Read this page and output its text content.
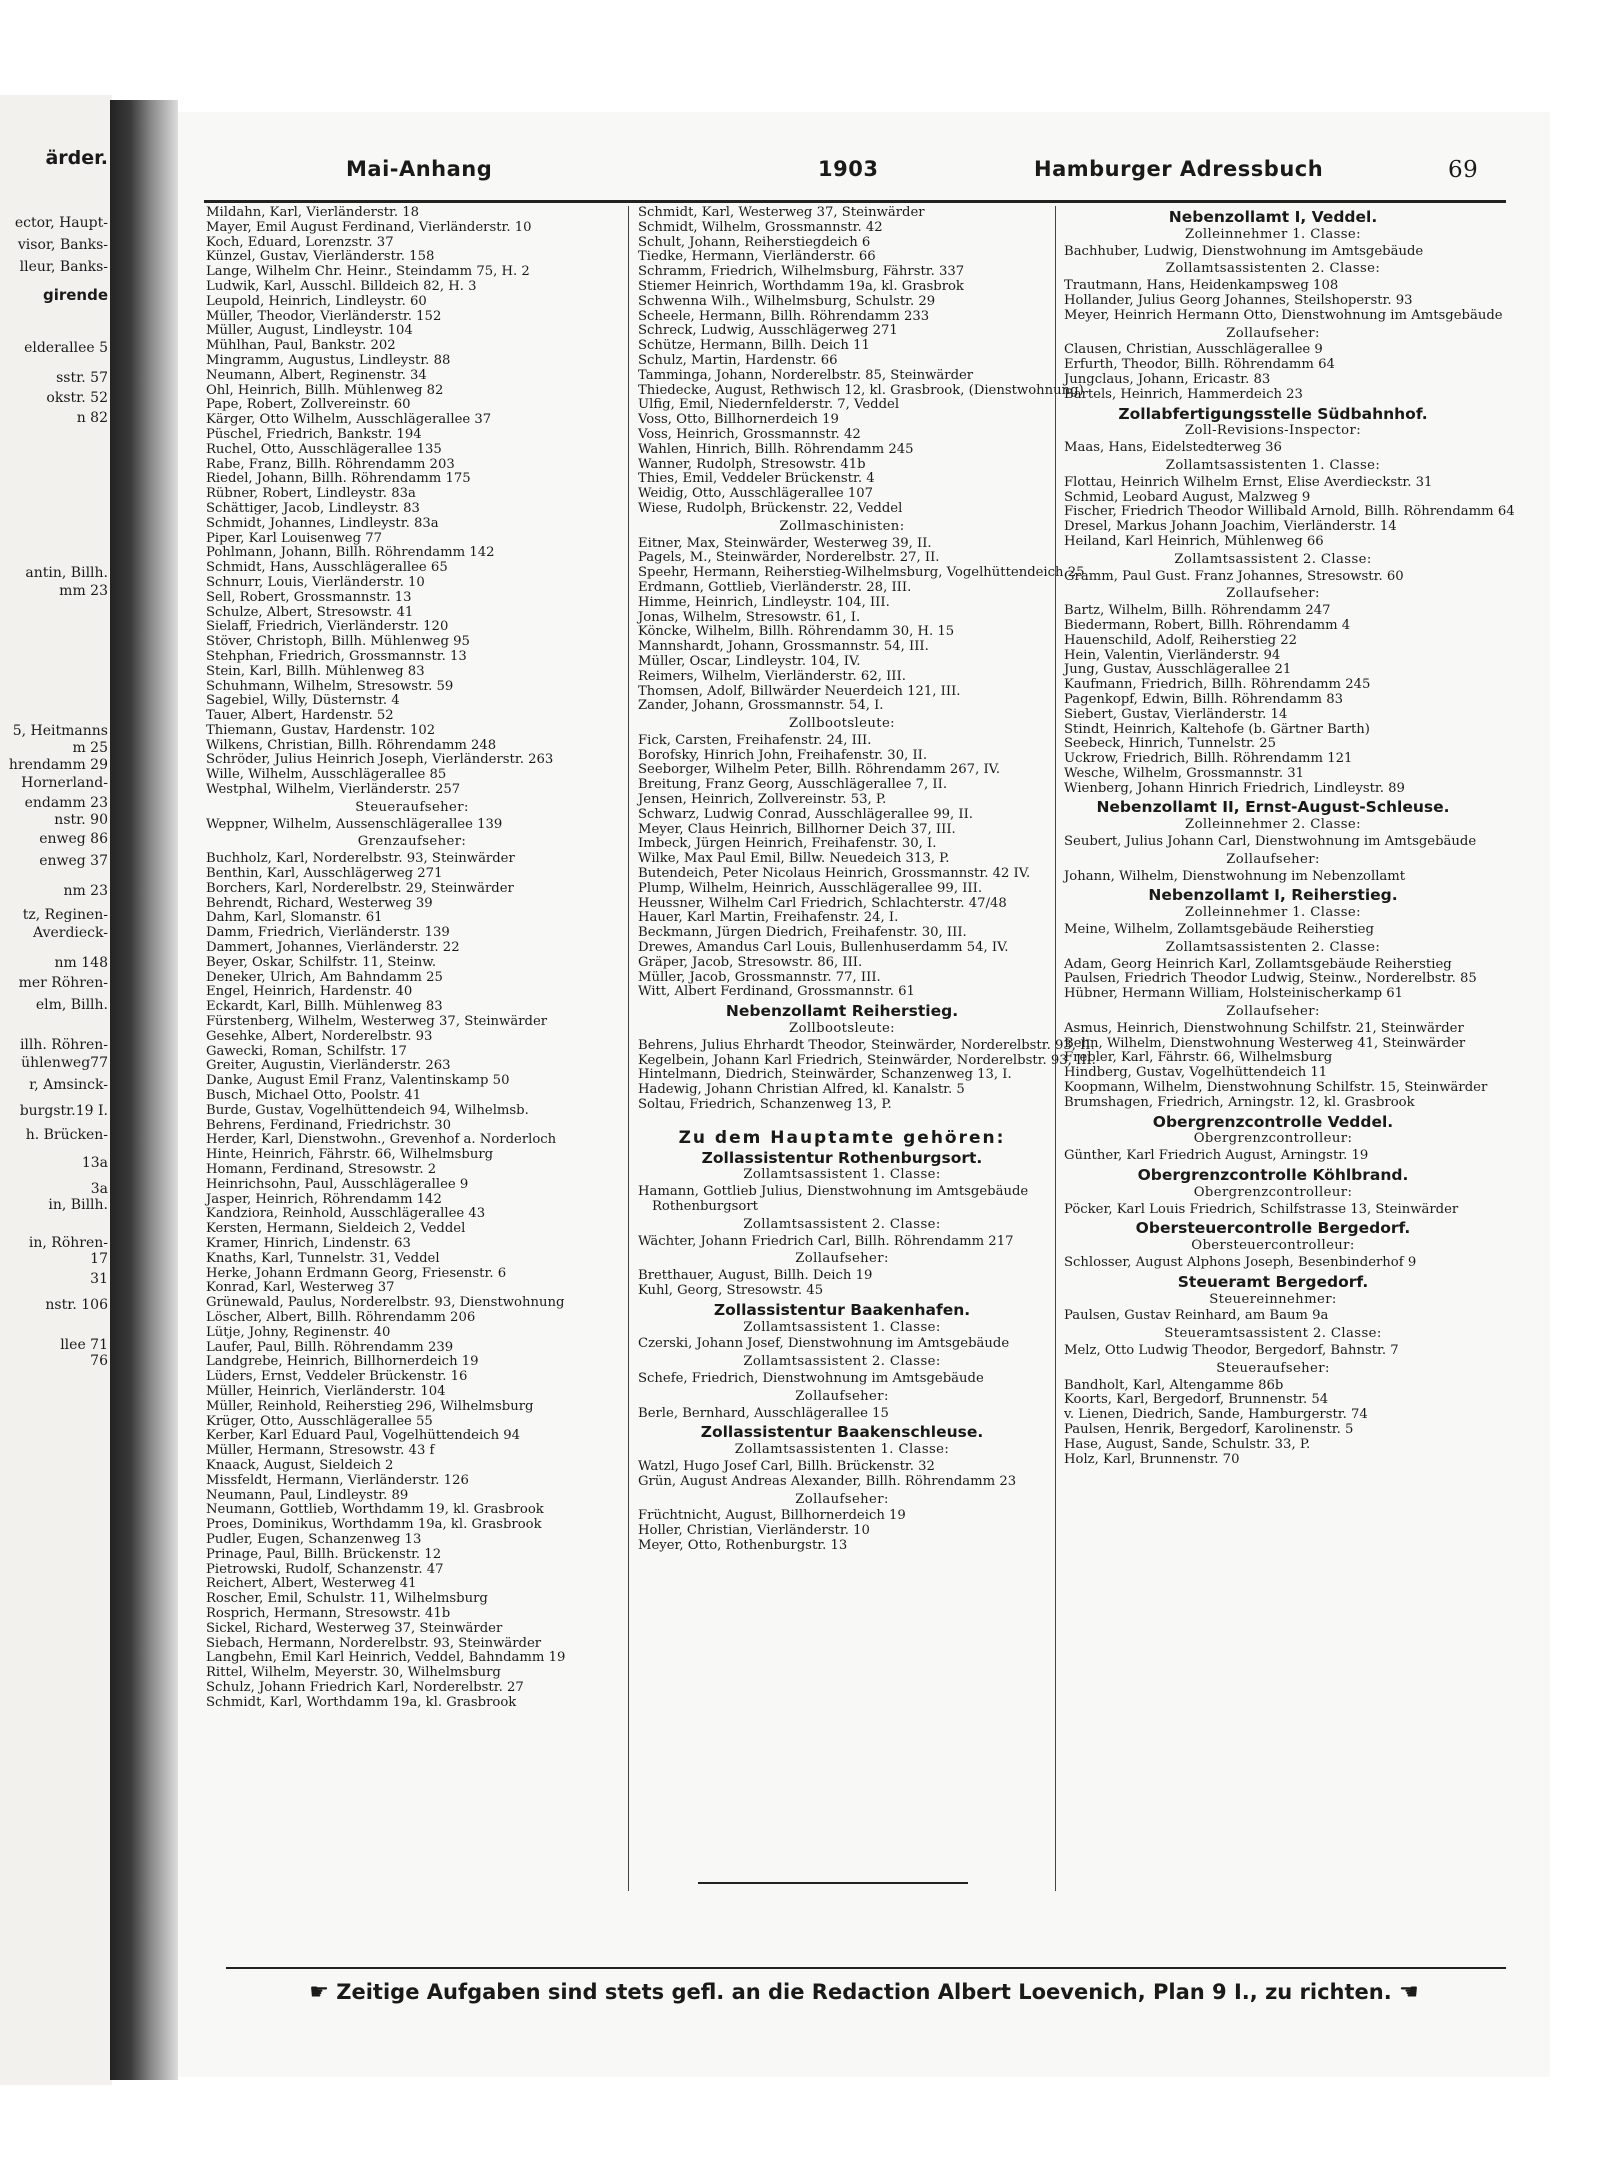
ärder.
girende
ector, Haupt-
visor, Banks-
lleur, Banks-
elderallee 5
sstr. 57
okstr. 52
n 82
antin, Billh.
mm 23
5, Heitmanns
m 25
hrendamm 29
Hornerland-
endamm 23
nstr. 90
enweg 86
enweg 37
nm 23
tz, Reginen-
Averdieck-
nm 148
mer Röhren-
elm, Billh.
illh. Röhren-
ühlenweg77
r, Amsinck-
burgstr.19 I.
h. Brücken-
13a
3a
in, Billh.
in, Röhren-
17
31
nstr. 106
llee 71
76
Mai-Anhang	1903	Hamburger Adressbuch	69

Mildahn, Karl, Vierländerstr. 18

Mayer, Emil August Ferdinand, Vierländerstr. 10

Koch, Eduard, Lorenzstr. 37

Künzel, Gustav, Vierländerstr. 158

Lange, Wilhelm Chr. Heinr., Steindamm 75, H. 2

Ludwik, Karl, Ausschl. Billdeich 82, H. 3

Leupold, Heinrich, Lindleystr. 60

Müller, Theodor, Vierländerstr. 152

Müller, August, Lindleystr. 104

Mühlhan, Paul, Bankstr. 202

Mingramm, Augustus, Lindleystr. 88

Neumann, Albert, Reginenstr. 34

Ohl, Heinrich, Billh. Mühlenweg 82

Pape, Robert, Zollvereinstr. 60

Kärger, Otto Wilhelm, Ausschlägerallee 37

Püschel, Friedrich, Bankstr. 194

Ruchel, Otto, Ausschlägerallee 135

Rabe, Franz, Billh. Röhrendamm 203

Riedel, Johann, Billh. Röhrendamm 175

Rübner, Robert, Lindleystr. 83a

Schättiger, Jacob, Lindleystr. 83

Schmidt, Johannes, Lindleystr. 83a

Piper, Karl Louisenweg 77

Pohlmann, Johann, Billh. Röhrendamm 142

Schmidt, Hans, Ausschlägerallee 65

Schnurr, Louis, Vierländerstr. 10

Sell, Robert, Grossmannstr. 13

Schulze, Albert, Stresowstr. 41

Sielaff, Friedrich, Vierländerstr. 120

Stöver, Christoph, Billh. Mühlenweg 95

Stehphan, Friedrich, Grossmannstr. 13

Stein, Karl, Billh. Mühlenweg 83

Schuhmann, Wilhelm, Stresowstr. 59

Sagebiel, Willy, Düsternstr. 4

Tauer, Albert, Hardenstr. 52

Thiemann, Gustav, Hardenstr. 102

Wilkens, Christian, Billh. Röhrendamm 248

Schröder, Julius Heinrich Joseph, Vierländerstr. 263

Wille, Wilhelm, Ausschlägerallee 85

Westphal, Wilhelm, Vierländerstr. 257

Steueraufseher:

Weppner, Wilhelm, Aussenschlägerallee 139

Grenzaufseher:

Buchholz, Karl, Norderelbstr. 93, Steinwärder

Benthin, Karl, Ausschlägerweg 271

Borchers, Karl, Norderelbstr. 29, Steinwärder

Behrendt, Richard, Westerweg 39

Dahm, Karl, Slomanstr. 61

Damm, Friedrich, Vierländerstr. 139

Dammert, Johannes, Vierländerstr. 22

Beyer, Oskar, Schilfstr. 11, Steinw.

Deneker, Ulrich, Am Bahndamm 25

Engel, Heinrich, Hardenstr. 40

Eckardt, Karl, Billh. Mühlenweg 83

Fürstenberg, Wilhelm, Westerweg 37, Steinwärder

Gesehke, Albert, Norderelbstr. 93

Gawecki, Roman, Schilfstr. 17

Greiter, Augustin, Vierländerstr. 263

Danke, August Emil Franz, Valentinskamp 50

Busch, Michael Otto, Poolstr. 41

Burde, Gustav, Vogelhüttendeich 94, Wilhelmsb.

Behrens, Ferdinand, Friedrichstr. 30

Herder, Karl, Dienstwohn., Grevenhof a. Norderloch

Hinte, Heinrich, Fährstr. 66, Wilhelmsburg

Homann, Ferdinand, Stresowstr. 2

Heinrichsohn, Paul, Ausschlägerallee 9

Jasper, Heinrich, Röhrendamm 142

Kandziora, Reinhold, Ausschlägerallee 43

Kersten, Hermann, Sieldeich 2, Veddel

Kramer, Hinrich, Lindenstr. 63

Knaths, Karl, Tunnelstr. 31, Veddel

Herke, Johann Erdmann Georg, Friesenstr. 6

Konrad, Karl, Westerweg 37

Grünewald, Paulus, Norderelbstr. 93, Dienstwohnung

Löscher, Albert, Billh. Röhrendamm 206

Lütje, Johny, Reginenstr. 40

Laufer, Paul, Billh. Röhrendamm 239

Landgrebe, Heinrich, Billhornerdeich 19

Lüders, Ernst, Veddeler Brückenstr. 16

Müller, Heinrich, Vierländerstr. 104

Müller, Reinhold, Reiherstieg 296, Wilhelmsburg

Krüger, Otto, Ausschlägerallee 55

Kerber, Karl Eduard Paul, Vogelhüttendeich 94

Müller, Hermann, Stresowstr. 43 f

Knaack, August, Sieldeich 2

Missfeldt, Hermann, Vierländerstr. 126

Neumann, Paul, Lindleystr. 89

Neumann, Gottlieb, Worthdamm 19, kl. Grasbrook

Proes, Dominikus, Worthdamm 19a, kl. Grasbrook

Pudler, Eugen, Schanzenweg 13

Prinage, Paul, Billh. Brückenstr. 12

Pietrowski, Rudolf, Schanzenstr. 47

Reichert, Albert, Westerweg 41

Roscher, Emil, Schulstr. 11, Wilhelmsburg

Rosprich, Hermann, Stresowstr. 41b

Sickel, Richard, Westerweg 37, Steinwärder

Siebach, Hermann, Norderelbstr. 93, Steinwärder

Langbehn, Emil Karl Heinrich, Veddel, Bahndamm 19

Rittel, Wilhelm, Meyerstr. 30, Wilhelmsburg

Schulz, Johann Friedrich Karl, Norderelbstr. 27

Schmidt, Karl, Worthdamm 19a, kl. Grasbrook

Schmidt, Karl, Westerweg 37, Steinwärder

Schmidt, Wilhelm, Grossmannstr. 42

Schult, Johann, Reiherstiegdeich 6

Tiedke, Hermann, Vierländerstr. 66

Schramm, Friedrich, Wilhelmsburg, Fährstr. 337

Stiemer Heinrich, Worthdamm 19a, kl. Grasbrok

Schwenna Wilh., Wilhelmsburg, Schulstr. 29

Scheele, Hermann, Billh. Röhrendamm 233

Schreck, Ludwig, Ausschlägerweg 271

Schütze, Hermann, Billh. Deich 11

Schulz, Martin, Hardenstr. 66

Tamminga, Johann, Norderelbstr. 85, Steinwärder

Thiedecke, August, Rethwisch 12, kl. Grasbrook, (Dienstwohnung)

Ulfig, Emil, Niedernfelderstr. 7, Veddel

Voss, Otto, Billhornerdeich 19

Voss, Heinrich, Grossmannstr. 42

Wahlen, Hinrich, Billh. Röhrendamm 245

Wanner, Rudolph, Stresowstr. 41b

Thies, Emil, Veddeler Brückenstr. 4

Weidig, Otto, Ausschlägerallee 107

Wiese, Rudolph, Brückenstr. 22, Veddel

Zollmaschinisten:

Eitner, Max, Steinwärder, Westerweg 39, II.

Pagels, M., Steinwärder, Norderelbstr. 27, II.

Speehr, Hermann, Reiherstieg-Wilhelmsburg, Vogelhüttendeich 25

Erdmann, Gottlieb, Vierländerstr. 28, III.

Himme, Heinrich, Lindleystr. 104, III.

Jonas, Wilhelm, Stresowstr. 61, I.

Köncke, Wilhelm, Billh. Röhrendamm 30, H. 15

Mannshardt, Johann, Grossmannstr. 54, III.

Müller, Oscar, Lindleystr. 104, IV.

Reimers, Wilhelm, Vierländerstr. 62, III.

Thomsen, Adolf, Billwärder Neuerdeich 121, III.

Zander, Johann, Grossmannstr. 54, I.

Zollbootsleute:

Fick, Carsten, Freihafenstr. 24, III.

Borofsky, Hinrich John, Freihafenstr. 30, II.

Seeborger, Wilhelm Peter, Billh. Röhrendamm 267, IV.

Breitung, Franz Georg, Ausschlägerallee 7, II.

Jensen, Heinrich, Zollvereinstr. 53, P.

Schwarz, Ludwig Conrad, Ausschlägerallee 99, II.

Meyer, Claus Heinrich, Billhorner Deich 37, III.

Imbeck, Jürgen Heinrich, Freihafenstr. 30, I.

Wilke, Max Paul Emil, Billw. Neuedeich 313, P.

Butendeich, Peter Nicolaus Heinrich, Grossmannstr. 42 IV.

Plump, Wilhelm, Heinrich, Ausschlägerallee 99, III.

Heussner, Wilhelm Carl Friedrich, Schlachterstr. 47/48

Hauer, Karl Martin, Freihafenstr. 24, I.

Beckmann, Jürgen Diedrich, Freihafenstr. 30, III.

Drewes, Amandus Carl Louis, Bullenhuserdamm 54, IV.

Gräper, Jacob, Stresowstr. 86, III.

Müller, Jacob, Grossmannstr. 77, III.

Witt, Albert Ferdinand, Grossmannstr. 61

Nebenzollamt Reiherstieg.
Zollbootsleute:

Behrens, Julius Ehrhardt Theodor, Steinwärder, Norderelbstr. 93, II.

Kegelbein, Johann Karl Friedrich, Steinwärder, Norderelbstr. 93, III.

Hintelmann, Diedrich, Steinwärder, Schanzenweg 13, I.

Hadewig, Johann Christian Alfred, kl. Kanalstr. 5

Soltau, Friedrich, Schanzenweg 13, P.

Zu dem Hauptamte gehören:
Zollassistentur Rothenburgsort.
Zollamtsassistent 1. Classe:

Hamann, Gottlieb Julius, Dienstwohnung im Amtsgebäude Rothenburgsort

Zollamtsassistent 2. Classe:

Wächter, Johann Friedrich Carl, Billh. Röhrendamm 217

Zollaufseher:

Bretthauer, August, Billh. Deich 19

Kuhl, Georg, Stresowstr. 45

Zollassistentur Baakenhafen.
Zollamtsassistent 1. Classe:

Czerski, Johann Josef, Dienstwohnung im Amtsgebäude

Zollamtsassistent 2. Classe:

Schefe, Friedrich, Dienstwohnung im Amtsgebäude

Zollaufseher:

Berle, Bernhard, Ausschlägerallee 15

Zollassistentur Baakenschleuse.
Zollamtsassistenten 1. Classe:

Watzl, Hugo Josef Carl, Billh. Brückenstr. 32

Grün, August Andreas Alexander, Billh. Röhrendamm 23

Zollaufseher:

Früchtnicht, August, Billhornerdeich 19

Holler, Christian, Vierländerstr. 10

Meyer, Otto, Rothenburgstr. 13

Nebenzollamt I, Veddel.
Zolleinnehmer 1. Classe:

Bachhuber, Ludwig, Dienstwohnung im Amtsgebäude

Zollamtsassistenten 2. Classe:

Trautmann, Hans, Heidenkampsweg 108

Hollander, Julius Georg Johannes, Steilshoperstr. 93

Meyer, Heinrich Hermann Otto, Dienstwohnung im Amtsgebäude

Zollaufseher:

Clausen, Christian, Ausschlägerallee 9

Erfurth, Theodor, Billh. Röhrendamm 64

Jungclaus, Johann, Ericastr. 83

Bartels, Heinrich, Hammerdeich 23

Zollabfertigungsstelle Südbahnhof.
Zoll-Revisions-Inspector:

Maas, Hans, Eidelstedterweg 36

Zollamtsassistenten 1. Classe:

Flottau, Heinrich Wilhelm Ernst, Elise Averdieckstr. 31

Schmid, Leobard August, Malzweg 9

Fischer, Friedrich Theodor Willibald Arnold, Billh. Röhrendamm 64

Dresel, Markus Johann Joachim, Vierländerstr. 14

Heiland, Karl Heinrich, Mühlenweg 66

Zollamtsassistent 2. Classe:

Gramm, Paul Gust. Franz Johannes, Stresowstr. 60

Zollaufseher:

Bartz, Wilhelm, Billh. Röhrendamm 247

Biedermann, Robert, Billh. Röhrendamm 4

Hauenschild, Adolf, Reiherstieg 22

Hein, Valentin, Vierländerstr. 94

Jung, Gustav, Ausschlägerallee 21

Kaufmann, Friedrich, Billh. Röhrendamm 245

Pagenkopf, Edwin, Billh. Röhrendamm 83

Siebert, Gustav, Vierländerstr. 14

Stindt, Heinrich, Kaltehofe (b. Gärtner Barth)

Seebeck, Hinrich, Tunnelstr. 25

Uckrow, Friedrich, Billh. Röhrendamm 121

Wesche, Wilhelm, Grossmannstr. 31

Wienberg, Johann Hinrich Friedrich, Lindleystr. 89

Nebenzollamt II, Ernst-August-Schleuse.
Zolleinnehmer 2. Classe:

Seubert, Julius Johann Carl, Dienstwohnung im Amtsgebäude

Zollaufseher:

Johann, Wilhelm, Dienstwohnung im Nebenzollamt

Nebenzollamt I, Reiherstieg.
Zolleinnehmer 1. Classe:

Meine, Wilhelm, Zollamtsgebäude Reiherstieg

Zollamtsassistenten 2. Classe:

Adam, Georg Heinrich Karl, Zollamtsgebäude Reiherstieg

Paulsen, Friedrich Theodor Ludwig, Steinw., Norderelbstr. 85

Hübner, Hermann William, Holsteinischerkamp 61

Zollaufseher:

Asmus, Heinrich, Dienstwohnung Schilfstr. 21, Steinwärder

Behn, Wilhelm, Dienstwohnung Westerweg 41, Steinwärder

Frebler, Karl, Fährstr. 66, Wilhelmsburg

Hindberg, Gustav, Vogelhüttendeich 11

Koopmann, Wilhelm, Dienstwohnung Schilfstr. 15, Steinwärder

Brumshagen, Friedrich, Arningstr. 12, kl. Grasbrook

Obergrenzcontrolle Veddel.
Obergrenzcontrolleur:

Günther, Karl Friedrich August, Arningstr. 19

Obergrenzcontrolle Köhlbrand.
Obergrenzcontrolleur:

Pöcker, Karl Louis Friedrich, Schilfstrasse 13, Steinwärder

Obersteuercontrolle Bergedorf.
Obersteuercontrolleur:

Schlosser, August Alphons Joseph, Besenbinderhof 9

Steueramt Bergedorf.
Steuereinnehmer:

Paulsen, Gustav Reinhard, am Baum 9a

Steueramtsassistent 2. Classe:

Melz, Otto Ludwig Theodor, Bergedorf, Bahnstr. 7

Steueraufseher:

Bandholt, Karl, Altengamme 86b

Koorts, Karl, Bergedorf, Brunnenstr. 54

v. Lienen, Diedrich, Sande, Hamburgerstr. 74

Paulsen, Henrik, Bergedorf, Karolinenstr. 5

Hase, August, Sande, Schulstr. 33, P.

Holz, Karl, Brunnenstr. 70

☛ Zeitige Aufgaben sind stets gefl. an die Redaction Albert Loevenich, Plan 9 I., zu richten. ☚
